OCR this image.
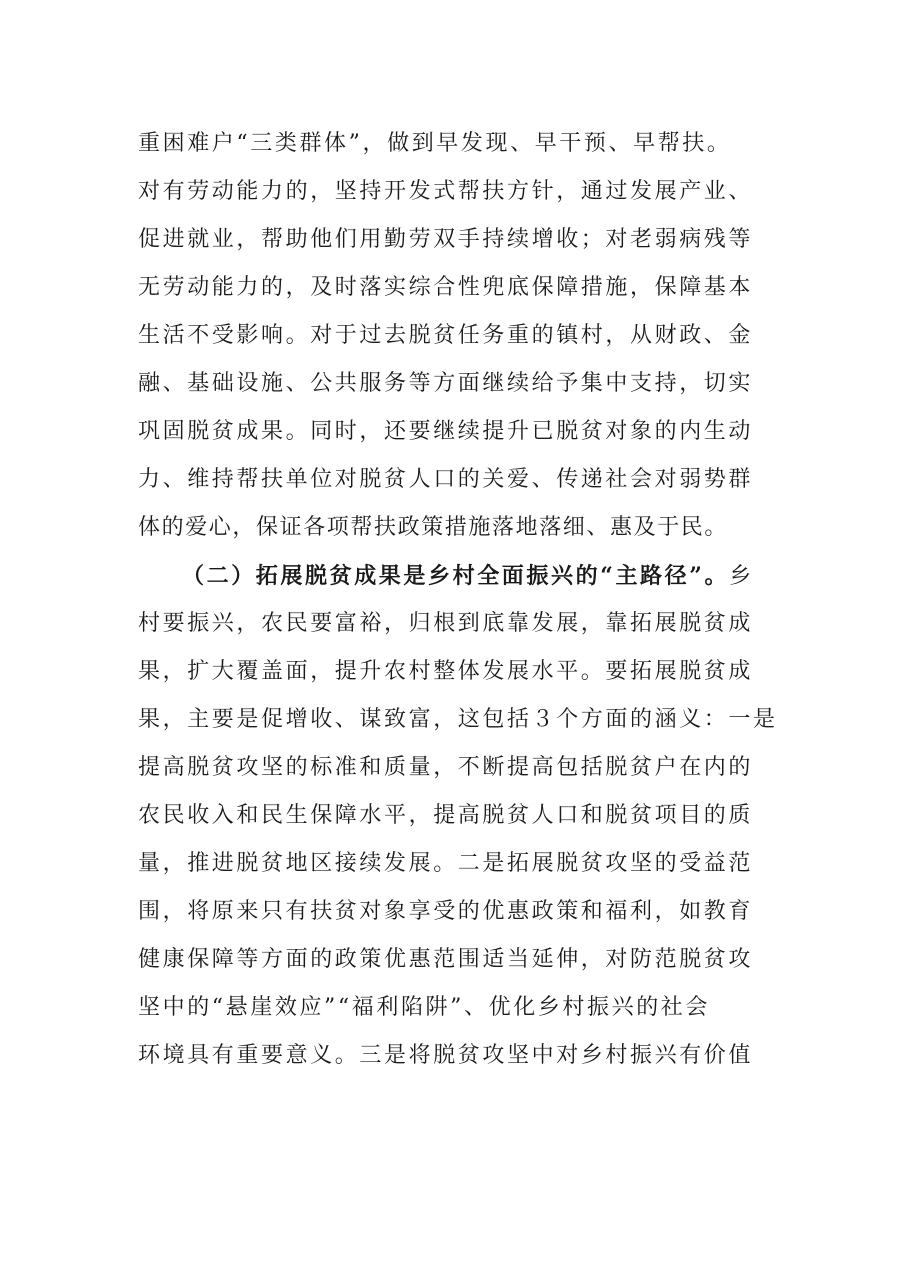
重困难户“三类群体”，做到早发现、早干预、早帮扶。
对有劳动能力的，坚持开发式帮扶方针，通过发展产业、
促进就业，帮助他们用勤劳双手持续增收；对老弱病残等
无劳动能力的，及时落实综合性兜底保障措施，保障基本
生活不受影响。对于过去脱贫任务重的镇村，从财政、金
融、基础设施、公共服务等方面继续给予集中支持，切实
巩固脱贫成果。同时，还要继续提升已脱贫对象的内生动
力、维持帮扶单位对脱贫人口的关爱、传递社会对弱势群
体的爱心，保证各项帮扶政策措施落地落细、惠及于民。
（二）拓展脱贫成果是乡村全面振兴的“主路径”。乡
村要振兴，农民要富裕，归根到底靠发展，靠拓展脱贫成
果，扩大覆盖面，提升农村整体发展水平。要拓展脱贫成
果，主要是促增收、谋致富，这包括３个方面的涵义：一是
提高脱贫攻坚的标准和质量，不断提高包括脱贫户在内的
农民收入和民生保障水平，提高脱贫人口和脱贫项目的质
量，推进脱贫地区接续发展。二是拓展脱贫攻坚的受益范
围，将原来只有扶贫对象享受的优惠政策和福利，如教育
健康保障等方面的政策优惠范围适当延伸，对防范脱贫攻
坚中的“悬崖效应”“福利陷阱”、优化乡村振兴的社会
环境具有重要意义。三是将脱贫攻坚中对乡村振兴有价值
